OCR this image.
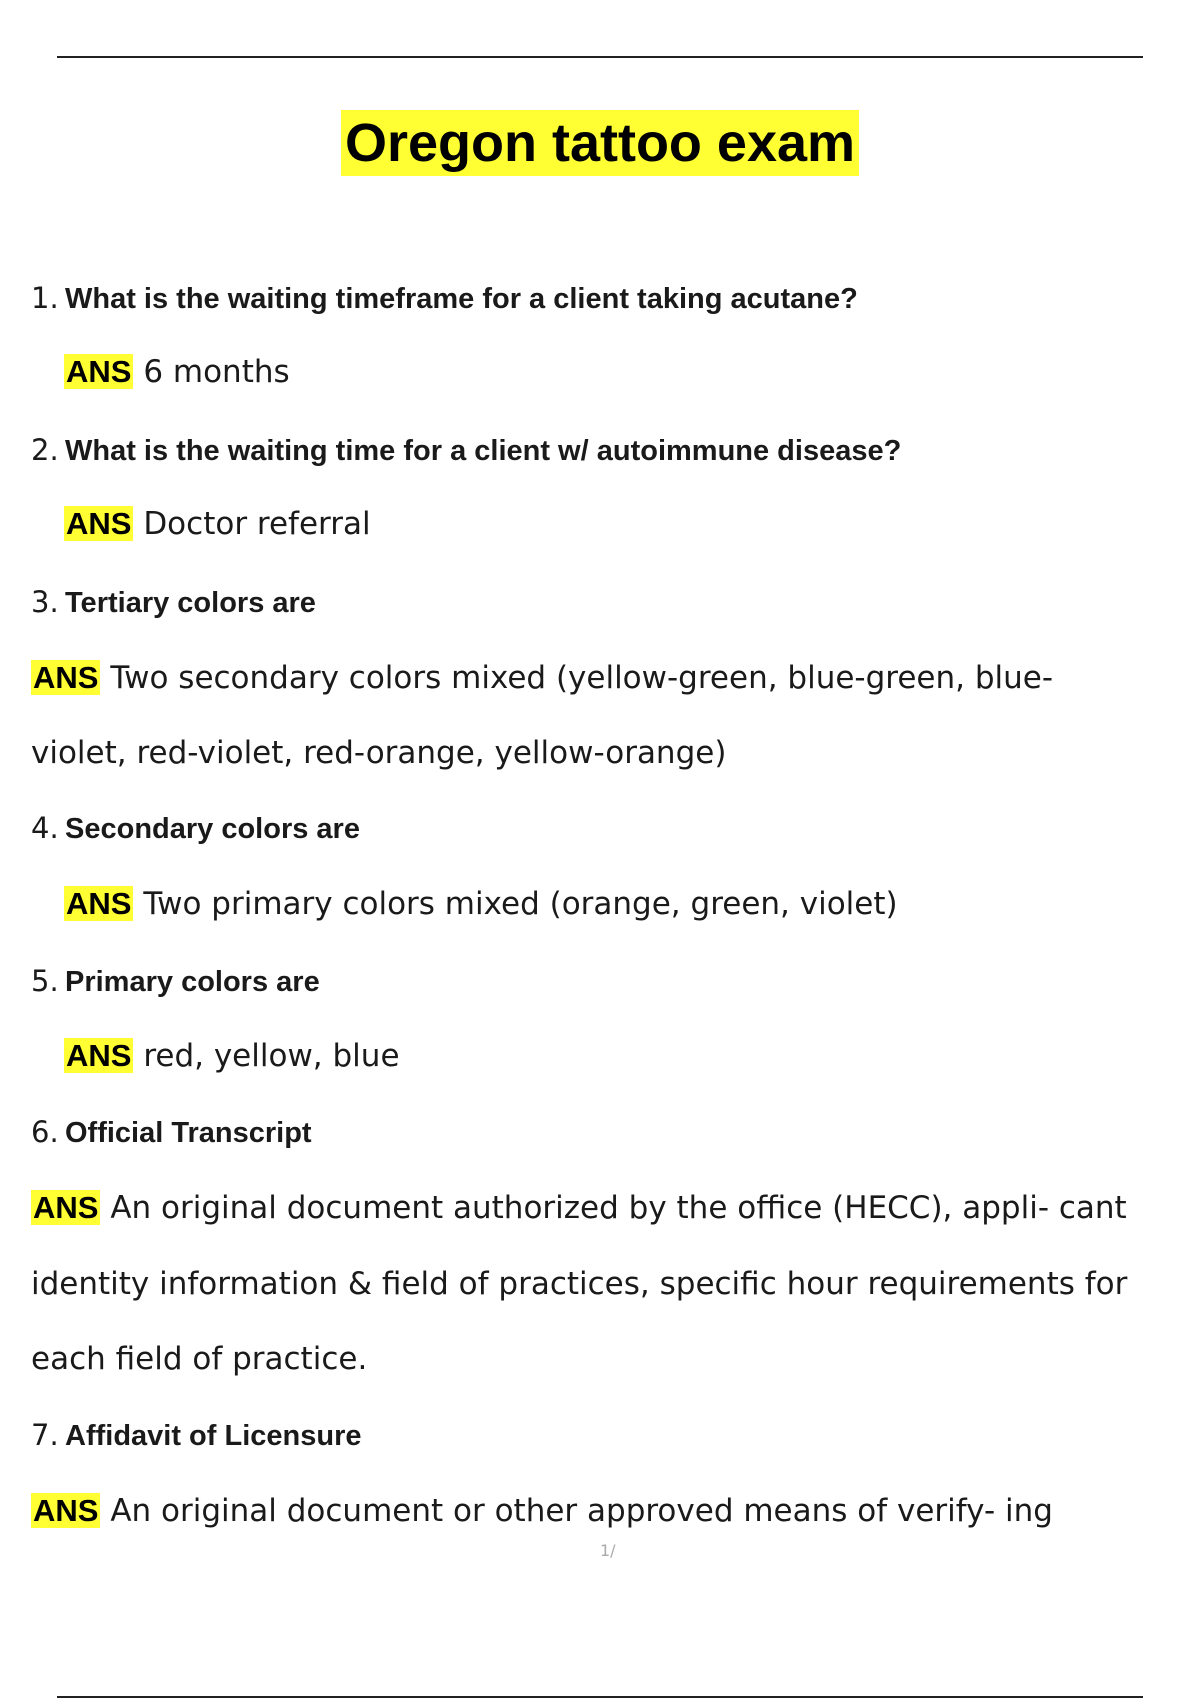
Oregon tattoo exam
1. What is the waiting timeframe for a client taking acutane?
ANS 6 months
2. What is the waiting time for a client w/ autoimmune disease?
ANS Doctor referral
3. Tertiary colors are
ANS Two secondary colors mixed (yellow-green, blue-green, blue-
violet, red-violet, red-orange, yellow-orange)
4. Secondary colors are
ANS Two primary colors mixed (orange, green, violet)
5. Primary colors are
ANS red, yellow, blue
6. Official Transcript
ANS An original document authorized by the office (HECC), appli- cant
identity information & field of practices, specific hour requirements for
each field of practice.
7. Affidavit of Licensure
ANS An original document or other approved means of verify- ing
1/
